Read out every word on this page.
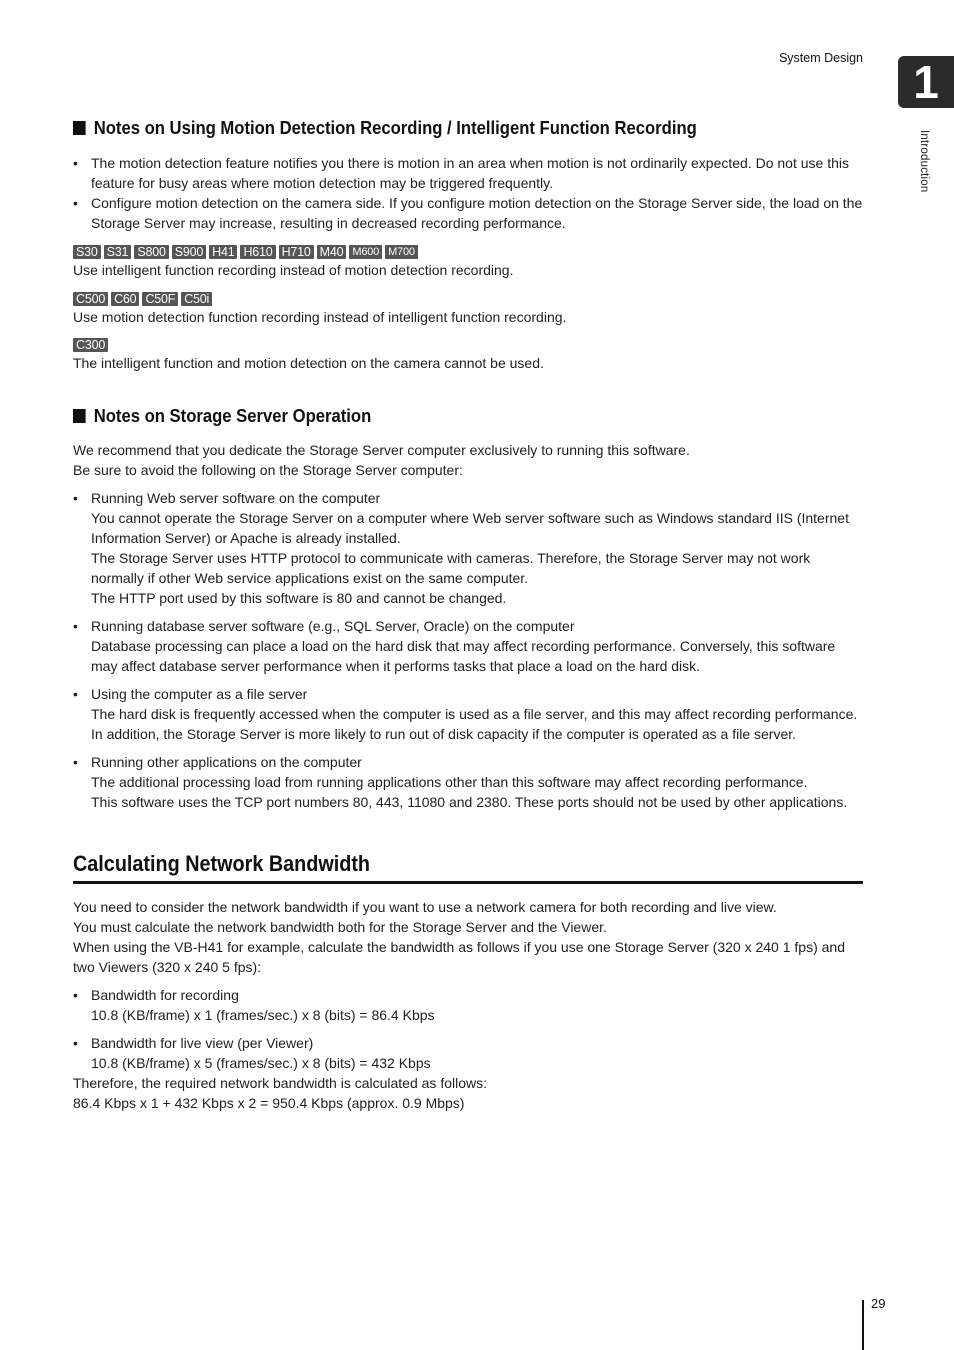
System Design	1
Introduction
Notes on Using Motion Detection Recording / Intelligent Function Recording
• The motion detection feature notifies you there is motion in an area when motion is not ordinarily expected. Do not use this feature for busy areas where motion detection may be triggered frequently.
• Configure motion detection on the camera side. If you configure motion detection on the Storage Server side, the load on the Storage Server may increase, resulting in decreased recording performance.
S30 S31 S800 S900 H41 H610 H710 M40 M600 M700

Use intelligent function recording instead of motion detection recording.

C500 C60 C50F C50i

Use motion detection function recording instead of intelligent function recording.

C300

The intelligent function and motion detection on the camera cannot be used.

Notes on Storage Server Operation

We recommend that you dedicate the Storage Server computer exclusively to running this software.

Be sure to avoid the following on the Storage Server computer:

• Running Web server software on the computer
You cannot operate the Storage Server on a computer where Web server software such as Windows standard IIS (Internet Information Server) or Apache is already installed.
The Storage Server uses HTTP protocol to communicate with cameras. Therefore, the Storage Server may not work normally if other Web service applications exist on the same computer.
The HTTP port used by this software is 80 and cannot be changed.
• Running database server software (e.g., SQL Server, Oracle) on the computer
Database processing can place a load on the hard disk that may affect recording performance. Conversely, this software may affect database server performance when it performs tasks that place a load on the hard disk.
• Using the computer as a file server
The hard disk is frequently accessed when the computer is used as a file server, and this may affect recording performance. In addition, the Storage Server is more likely to run out of disk capacity if the computer is operated as a file server.
• Running other applications on the computer
The additional processing load from running applications other than this software may affect recording performance.
This software uses the TCP port numbers 80, 443, 11080 and 2380. These ports should not be used by other applications.
Calculating Network Bandwidth

You need to consider the network bandwidth if you want to use a network camera for both recording and live view.

You must calculate the network bandwidth both for the Storage Server and the Viewer.

When using the VB-H41 for example, calculate the bandwidth as follows if you use one Storage Server (320 x 240 1 fps) and two Viewers (320 x 240 5 fps):

• Bandwidth for recording
10.8 (KB/frame) x 1 (frames/sec.) x 8 (bits) = 86.4 Kbps
• Bandwidth for live view (per Viewer)
10.8 (KB/frame) x 5 (frames/sec.) x 8 (bits) = 432 Kbps

Therefore, the required network bandwidth is calculated as follows:

86.4 Kbps x 1 + 432 Kbps x 2 = 950.4 Kbps (approx. 0.9 Mbps)

29
